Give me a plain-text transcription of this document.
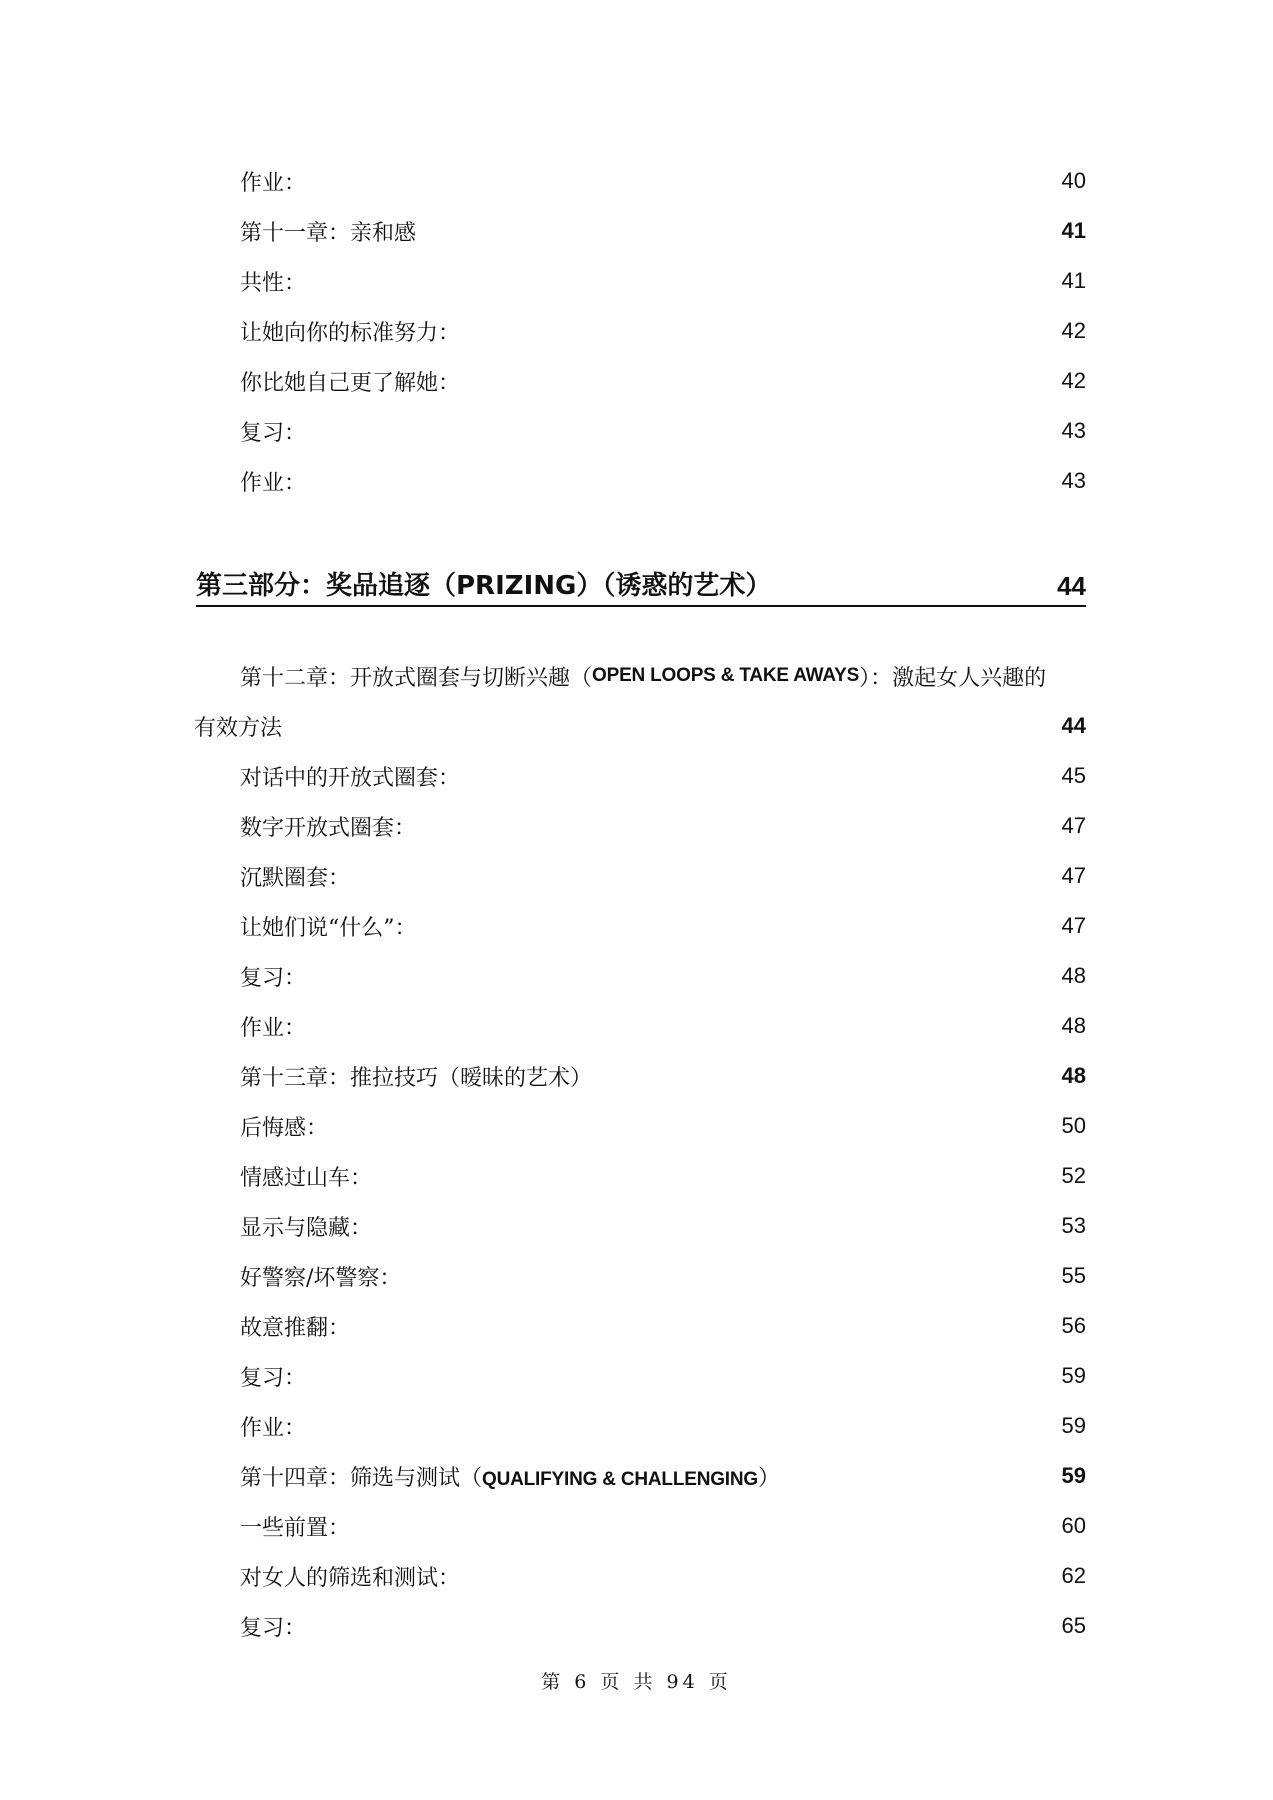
作业：	40
第十一章：亲和感	41
共性：	41
让她向你的标准努力：	42
你比她自己更了解她：	42
复习：	43
作业：	43
第三部分：奖品追逐（PRIZING）（诱惑的艺术）	44
第十二章：开放式圈套与切断兴趣（ OPEN LOOPS & TAKE AWAYS ）：激起女人兴趣的
有效方法	44
对话中的开放式圈套：	45
数字开放式圈套：	47
沉默圈套：	47
让她们说“什么”：	47
复习：	48
作业：	48
第十三章：推拉技巧（暧昧的艺术）	48
后悔感：	50
情感过山车：	52
显示与隐藏：	53
好警察/坏警察：	55
故意推翻：	56
复习：	59
作业：	59
第十四章：筛选与测试（QUALIFYING & CHALLENGING）	59
一些前置：	60
对女人的筛选和测试：	62
复习：	65
第 6 页 共 94 页
